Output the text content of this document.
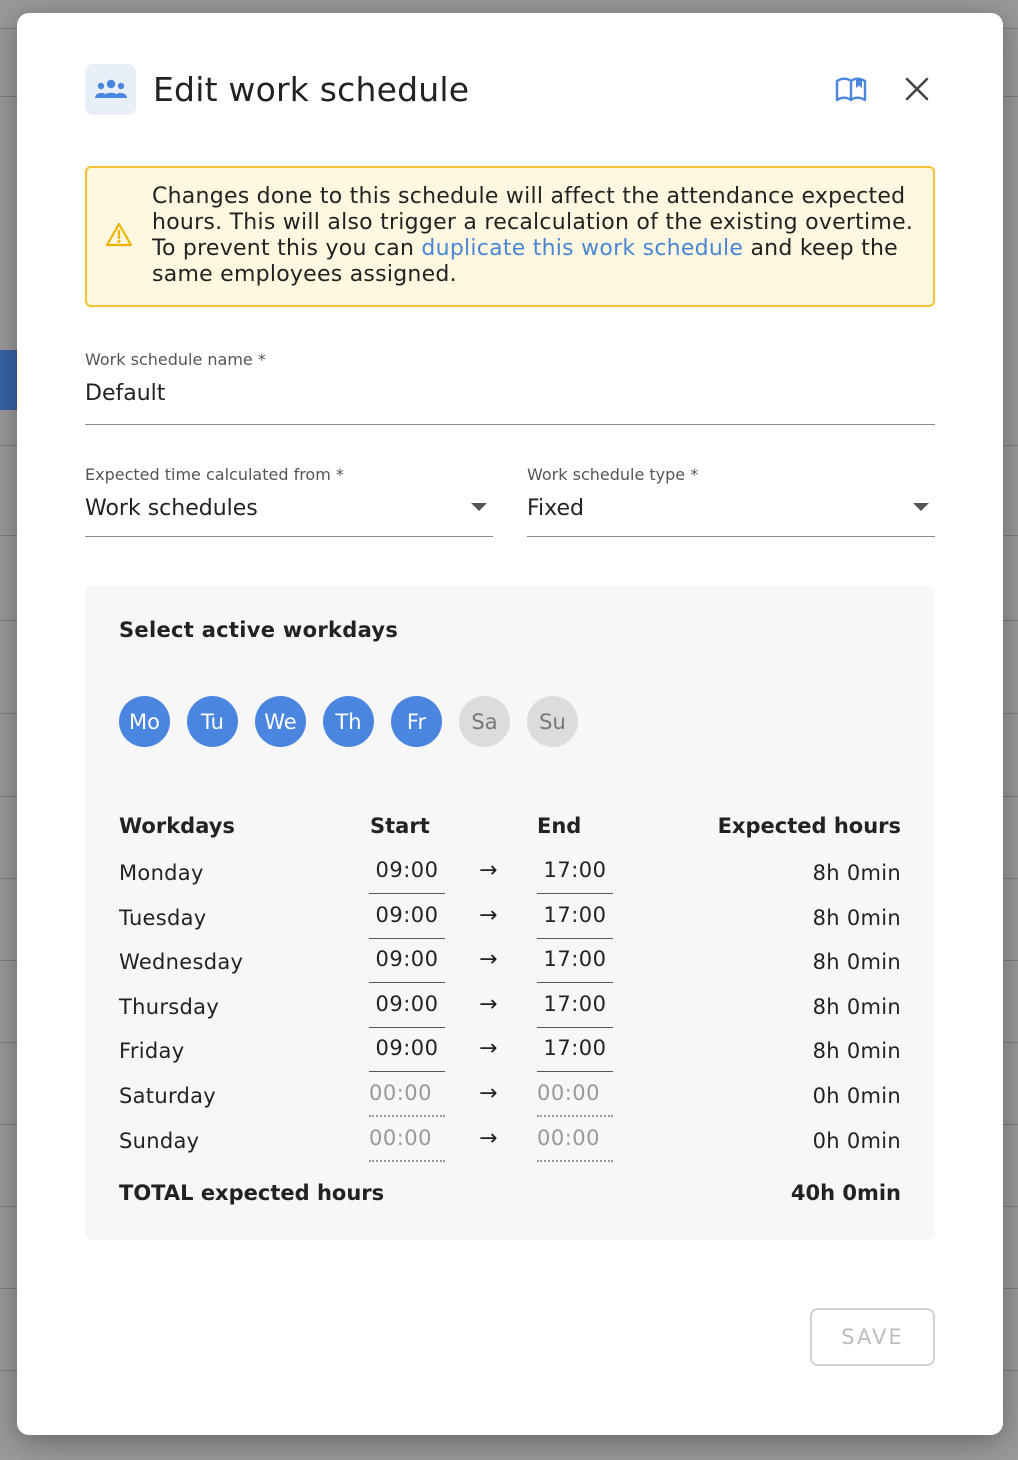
Edit work schedule

Changes done to this schedule will affect the attendance expected hours. This will also trigger a recalculation of the existing overtime. To prevent this you can duplicate this work schedule and keep the same employees assigned.

Work schedule name *
Default
Expected time calculated from *
Work schedules
Work schedule type *
Fixed
Select active workdays
Mo	Tu	We	Th	Fr	Sa	Su
Workdays	Start	End	Expected hours
Monday	09:00 →	17:00	8h 0min
Tuesday	09:00 →	17:00	8h 0min
Wednesday	09:00 →	17:00	8h 0min
Thursday	09:00 →	17:00	8h 0min
Friday	09:00 →	17:00	8h 0min
Saturday	00:00	→ 00:00	0h 0min
Sunday	00:00	→ 00:00	0h 0min
TOTAL expected hours	40h 0min
SAVE
